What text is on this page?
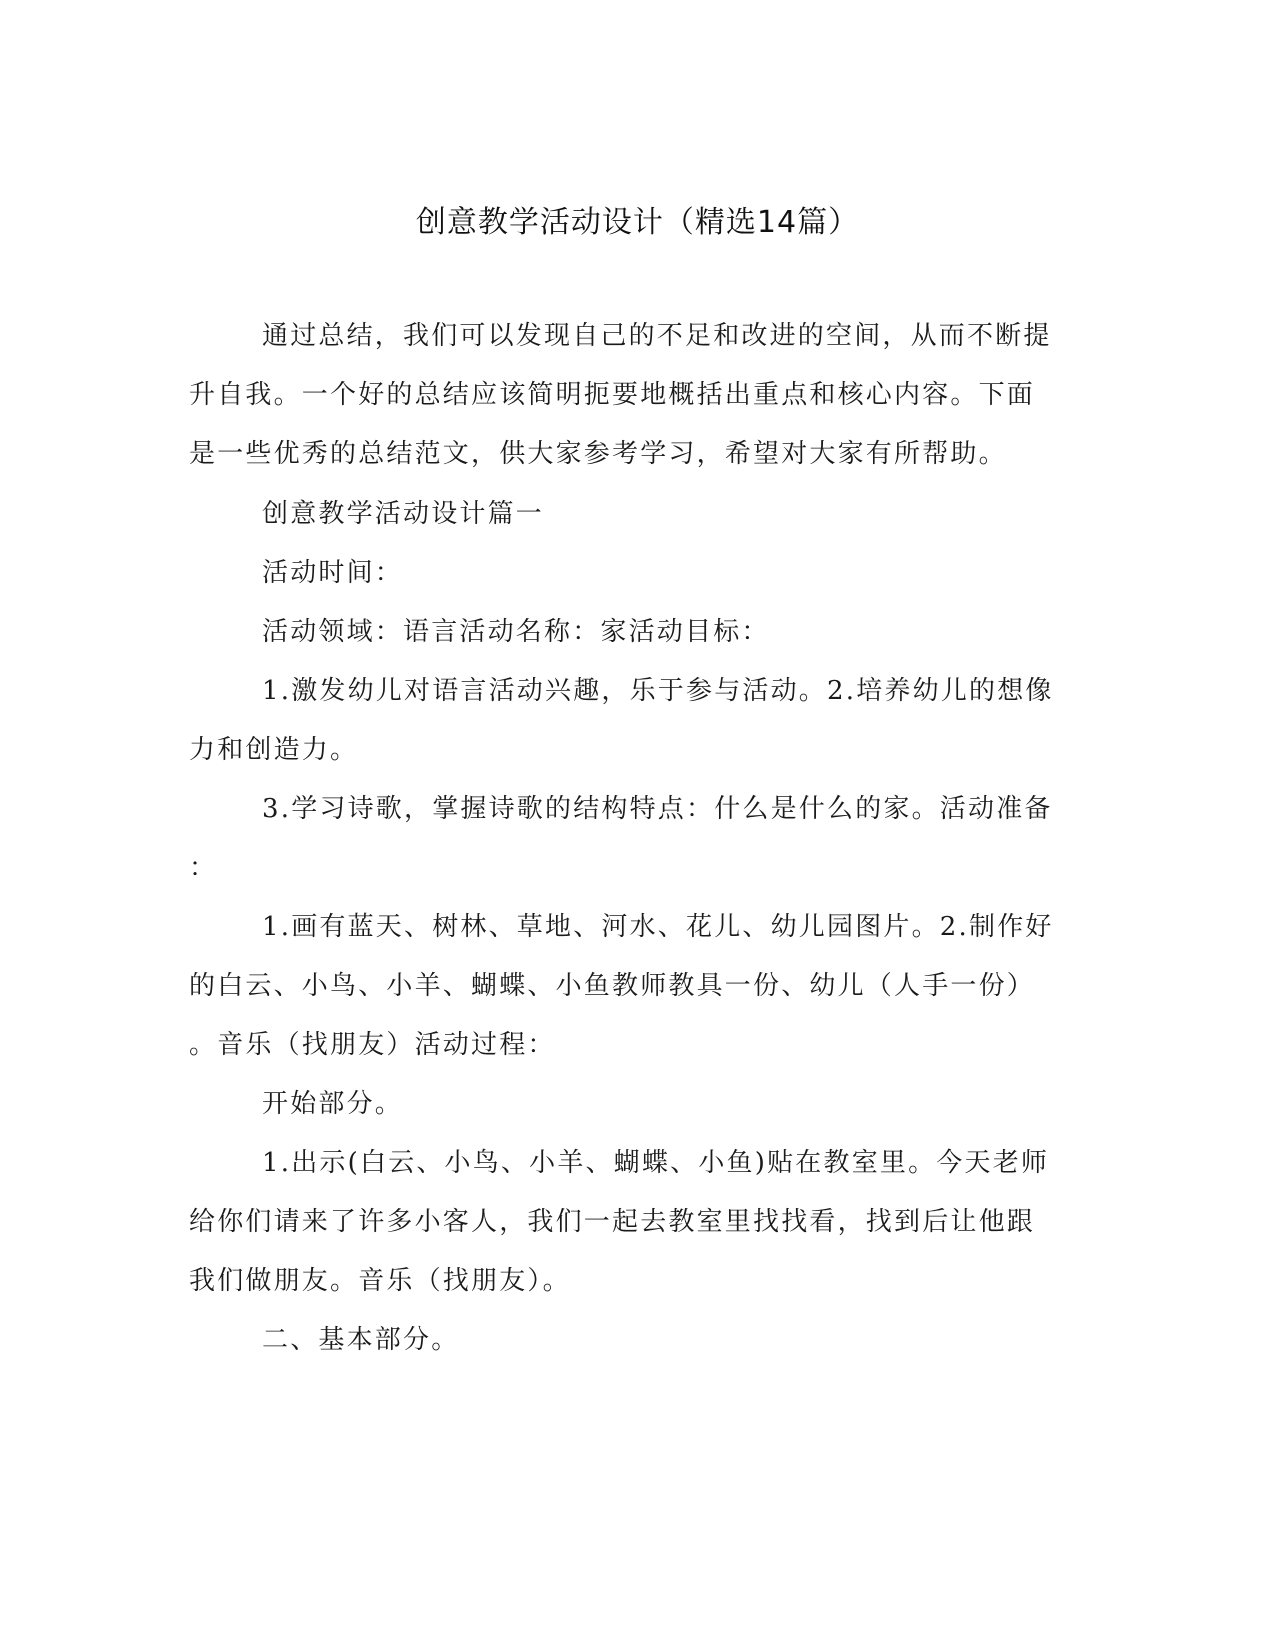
创意教学活动设计（精选14篇）

通过总结，我们可以发现自己的不足和改进的空间，从而不断提

升自我。一个好的总结应该简明扼要地概括出重点和核心内容。下面

是一些优秀的总结范文，供大家参考学习，希望对大家有所帮助。

创意教学活动设计篇一

活动时间：

活动领域：语言活动名称：家活动目标：

1.激发幼儿对语言活动兴趣，乐于参与活动。2.培养幼儿的想像

力和创造力。

3.学习诗歌，掌握诗歌的结构特点：什么是什么的家。活动准备

：

1.画有蓝天、树林、草地、河水、花儿、幼儿园图片。2.制作好

的白云、小鸟、小羊、蝴蝶、小鱼教师教具一份、幼儿（人手一份）

。音乐（找朋友）活动过程：

开始部分。

1.出示(白云、小鸟、小羊、蝴蝶、小鱼)贴在教室里。今天老师

给你们请来了许多小客人，我们一起去教室里找找看，找到后让他跟

我们做朋友。音乐（找朋友）。

二、基本部分。
